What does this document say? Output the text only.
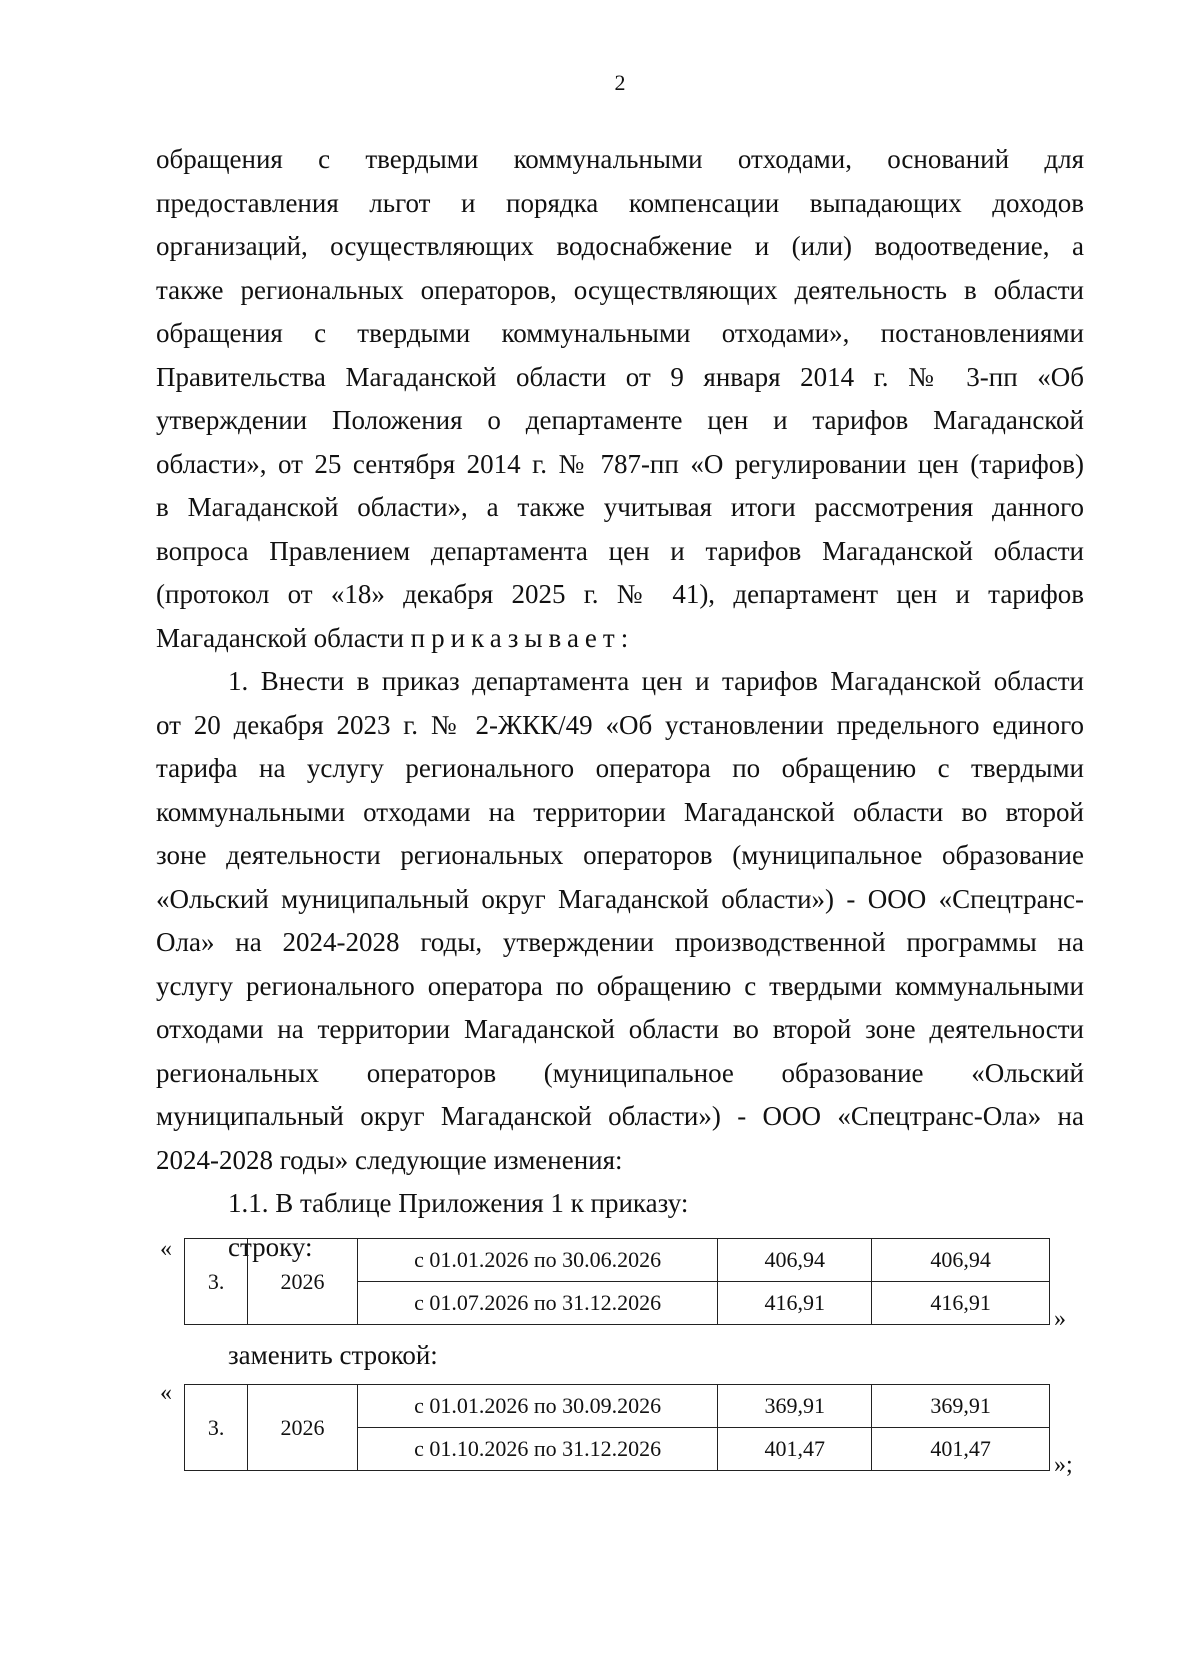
2
обращения с твердыми коммунальными отходами, оснований для
предоставления льгот и порядка компенсации выпадающих доходов
организаций, осуществляющих водоснабжение и (или) водоотведение, а
также региональных операторов, осуществляющих деятельность в области
обращения с твердыми коммунальными отходами», постановлениями
Правительства Магаданской области от 9 января 2014 г. № 3-пп «Об
утверждении Положения о департаменте цен и тарифов Магаданской
области», от 25 сентября 2014 г. № 787-пп «О регулировании цен (тарифов)
в Магаданской области», а также учитывая итоги рассмотрения данного
вопроса Правлением департамента цен и тарифов Магаданской области
(протокол от «18» декабря 2025 г. № 41), департамент цен и тарифов
Магаданской области приказывает:
1. Внести в приказ департамента цен и тарифов Магаданской области
от 20 декабря 2023 г. № 2-ЖКК/49 «Об установлении предельного единого
тарифа на услугу регионального оператора по обращению с твердыми
коммунальными отходами на территории Магаданской области во второй
зоне деятельности региональных операторов (муниципальное образование
«Ольский муниципальный округ Магаданской области») - ООО «Спецтранс-
Ола» на 2024-2028 годы, утверждении производственной программы на
услугу регионального оператора по обращению с твердыми коммунальными
отходами на территории Магаданской области во второй зоне деятельности
региональных операторов (муниципальное образование «Ольский
муниципальный округ Магаданской области») - ООО «Спецтранс-Ола» на
2024-2028 годы» следующие изменения:
1.1. В таблице Приложения 1 к приказу:
строку:
«
3.	2026	с 01.01.2026 по 30.06.2026	406,94	406,94
		с 01.07.2026 по 31.12.2026	416,91	416,91
»
заменить строкой:
«
3.	2026	с 01.01.2026 по 30.09.2026	369,91	369,91
		с 01.10.2026 по 31.12.2026	401,47	401,47
»;
